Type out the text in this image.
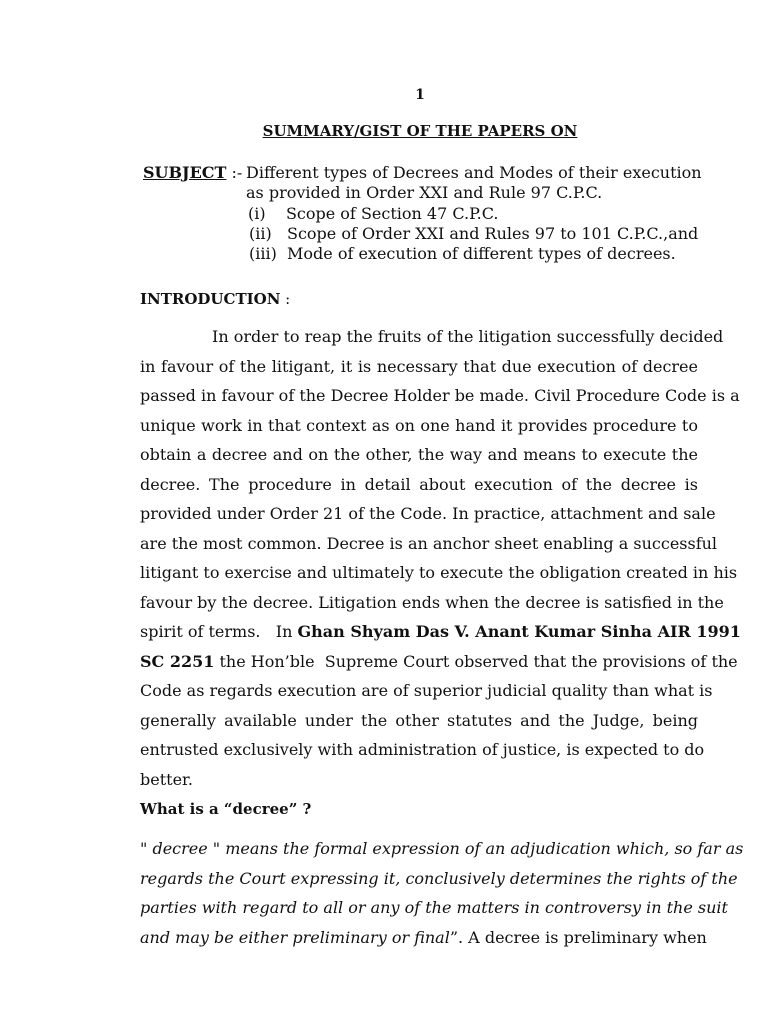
1
SUMMARY/GIST OF THE PAPERS ON
SUBJECT :- Different types of Decrees and Modes of their execution
as provided in Order XXI and Rule 97 C.P.C.
(i)    Scope of Section 47 C.P.C.
(ii)   Scope of Order XXI and Rules 97 to 101 C.P.C.,and
(iii)  Mode of execution of different types of decrees.
INTRODUCTION :
In order to reap the fruits of the litigation successfully decided
in favour of the litigant, it is necessary that due execution of decree
passed in favour of the Decree Holder be made. Civil Procedure Code is a
unique work in that context as on one hand it provides procedure to
obtain a decree and on the other, the way and means to execute the
decree. The procedure in detail about execution of the decree is
provided under Order 21 of the Code. In practice, attachment and sale
are the most common. Decree is an anchor sheet enabling a successful
litigant to exercise and ultimately to execute the obligation created in his
favour by the decree. Litigation ends when the decree is satisfied in the
spirit of terms.   In Ghan Shyam Das V. Anant Kumar Sinha AIR 1991
SC 2251 the Hon’ble  Supreme Court observed that the provisions of the
Code as regards execution are of superior judicial quality than what is
generally available under the other statutes and the Judge, being
entrusted exclusively with administration of justice, is expected to do
better.
What is a “decree” ?
" decree " means the formal expression of an adjudication which, so far as
regards the Court expressing it, conclusively determines the rights of the
parties with regard to all or any of the matters in controversy in the suit
and may be either preliminary or final”. A decree is preliminary when
